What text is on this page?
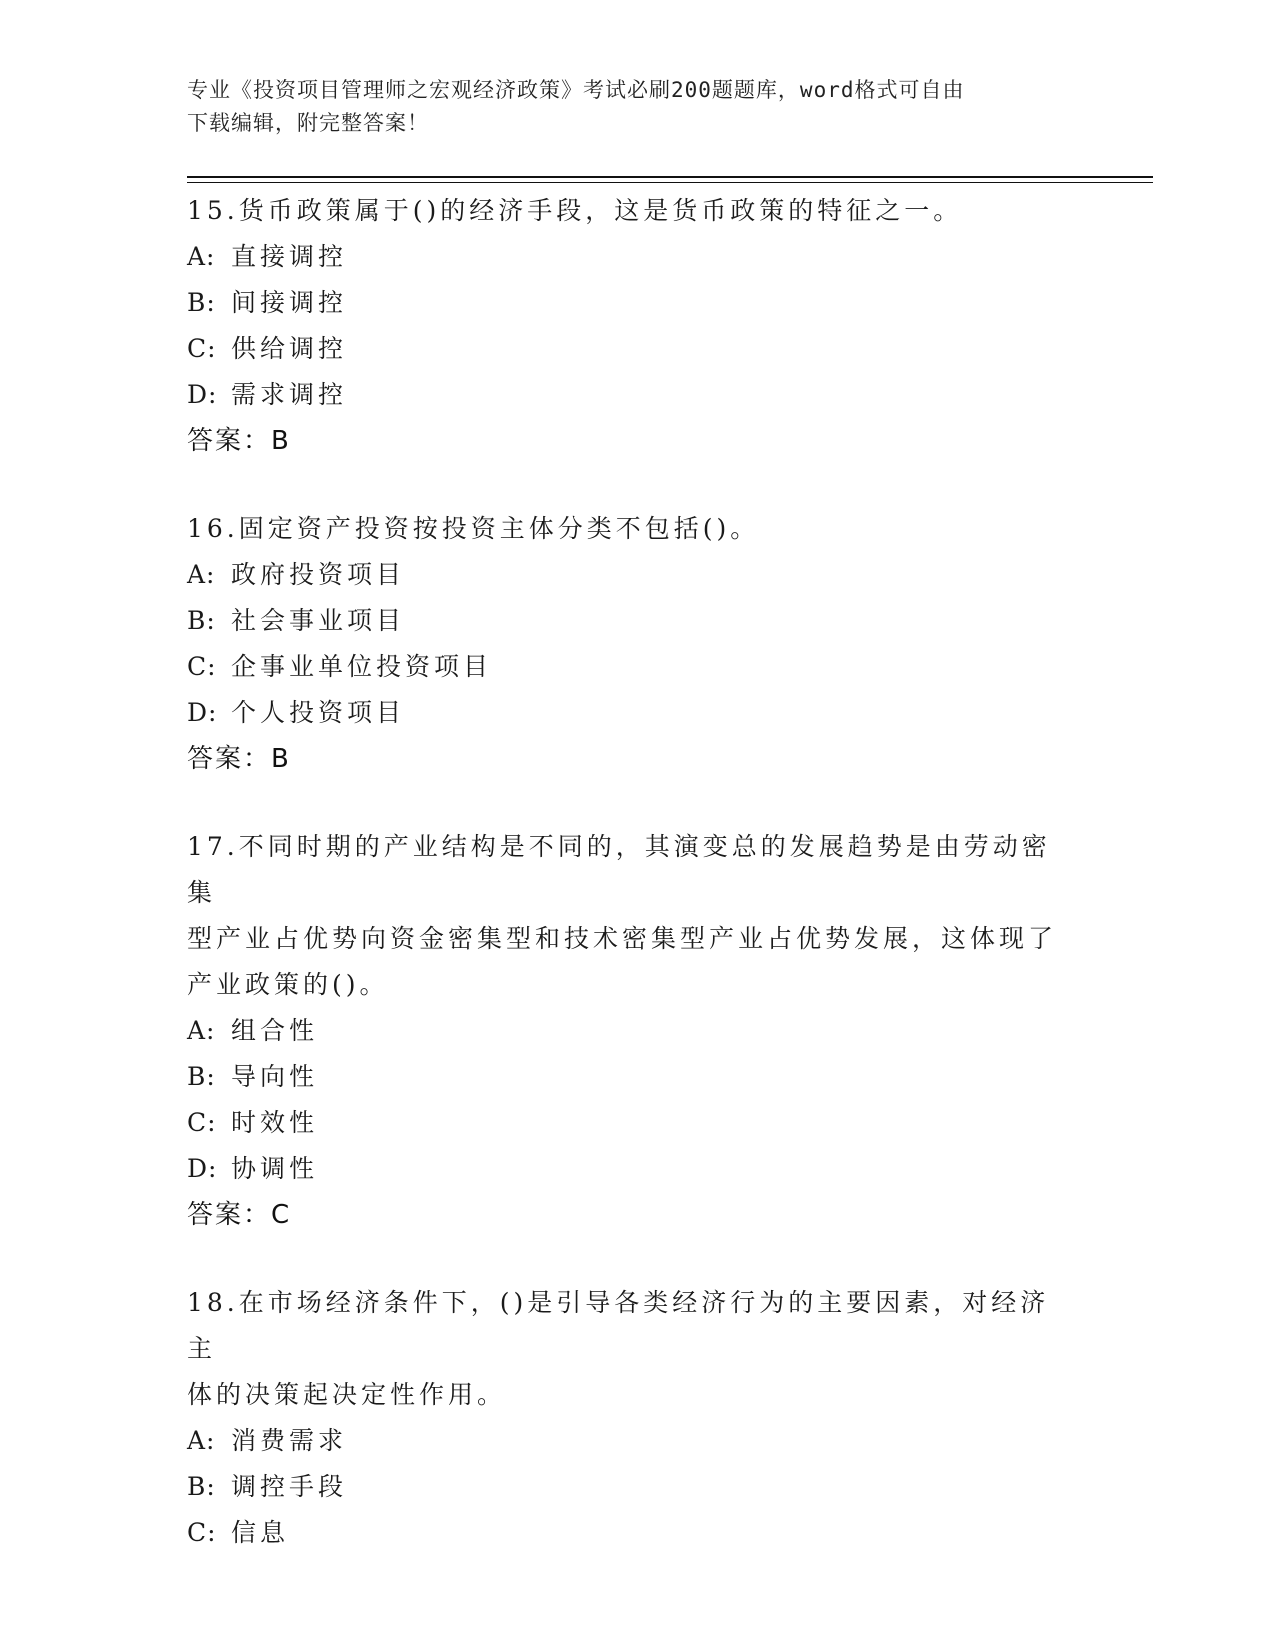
专业《投资项目管理师之宏观经济政策》考试必刷200题题库，word格式可自由
下载编辑，附完整答案！
15.货币政策属于()的经济手段，这是货币政策的特征之一。
A: 直接调控
B: 间接调控
C: 供给调控
D: 需求调控
答案：B
16.固定资产投资按投资主体分类不包括()。
A: 政府投资项目
B: 社会事业项目
C: 企事业单位投资项目
D: 个人投资项目
答案：B
17.不同时期的产业结构是不同的，其演变总的发展趋势是由劳动密集
型产业占优势向资金密集型和技术密集型产业占优势发展，这体现了
产业政策的()。
A: 组合性
B: 导向性
C: 时效性
D: 协调性
答案：C
18.在市场经济条件下，()是引导各类经济行为的主要因素，对经济主
体的决策起决定性作用。
A: 消费需求
B: 调控手段
C: 信息
